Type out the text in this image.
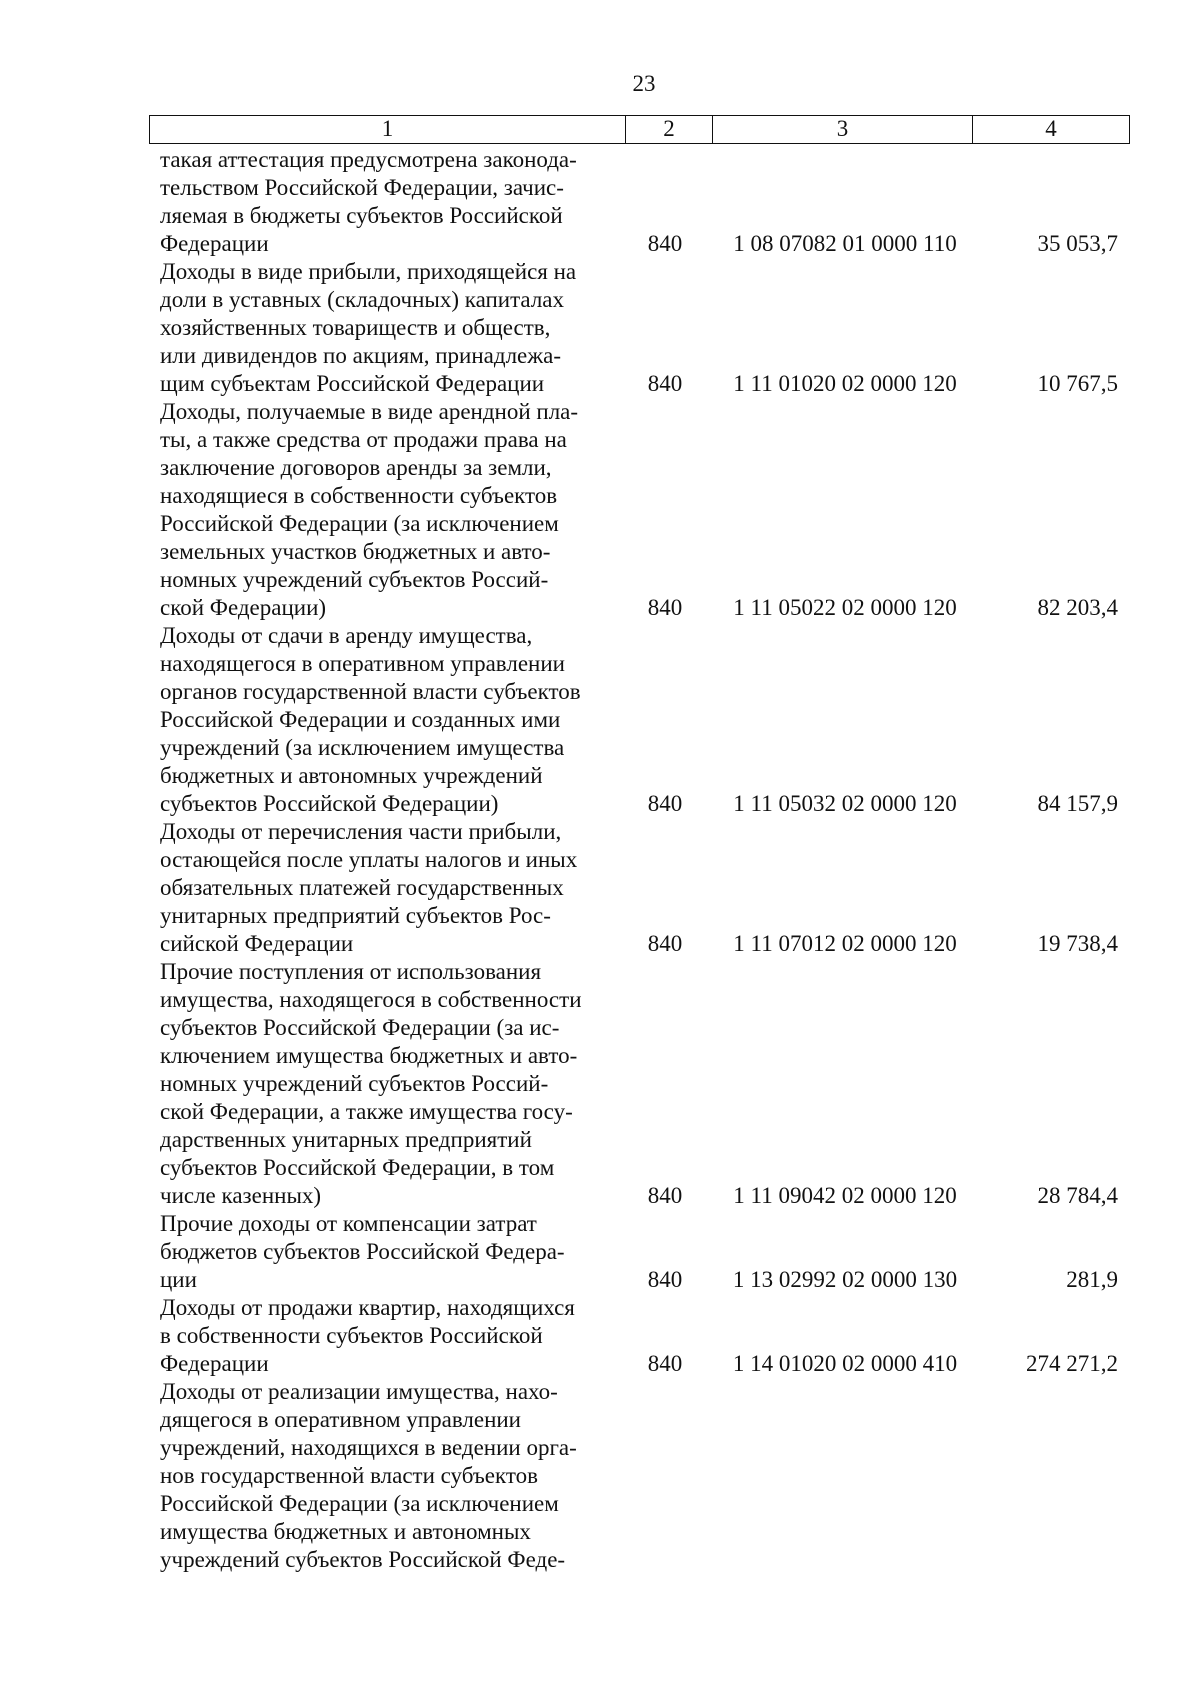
23
1	2	3	4
такая аттестация предусмотрена законода-
тельством Российской Федерации, зачис-
ляемая в бюджеты субъектов Российской
Федерации	840	1 08 07082 01 0000 110	35 053,7
Доходы в виде прибыли, приходящейся на
доли в уставных (складочных) капиталах
хозяйственных товариществ и обществ,
или дивидендов по акциям, принадлежа-
щим субъектам Российской Федерации	840	1 11 01020 02 0000 120	10 767,5
Доходы, получаемые в виде арендной пла-
ты, а также средства от продажи права на
заключение договоров аренды за земли,
находящиеся в собственности субъектов
Российской Федерации (за исключением
земельных участков бюджетных и авто-
номных учреждений субъектов Россий-
ской Федерации)	840	1 11 05022 02 0000 120	82 203,4
Доходы от сдачи в аренду имущества,
находящегося в оперативном управлении
органов государственной власти субъектов
Российской Федерации и созданных ими
учреждений (за исключением имущества
бюджетных и автономных учреждений
субъектов Российской Федерации)	840	1 11 05032 02 0000 120	84 157,9
Доходы от перечисления части прибыли,
остающейся после уплаты налогов и иных
обязательных платежей государственных
унитарных предприятий субъектов Рос-
сийской Федерации	840	1 11 07012 02 0000 120	19 738,4
Прочие поступления от использования
имущества, находящегося в собственности
субъектов Российской Федерации (за ис-
ключением имущества бюджетных и авто-
номных учреждений субъектов Россий-
ской Федерации, а также имущества госу-
дарственных унитарных предприятий
субъектов Российской Федерации, в том
числе казенных)	840	1 11 09042 02 0000 120	28 784,4
Прочие доходы от компенсации затрат
бюджетов субъектов Российской Федера-
ции	840	1 13 02992 02 0000 130	281,9
Доходы от продажи квартир, находящихся
в собственности субъектов Российской
Федерации	840	1 14 01020 02 0000 410	274 271,2
Доходы от реализации имущества, нахо-
дящегося в оперативном управлении
учреждений, находящихся в ведении орга-
нов государственной власти субъектов
Российской Федерации (за исключением
имущества бюджетных и автономных
учреждений субъектов Российской Феде-
